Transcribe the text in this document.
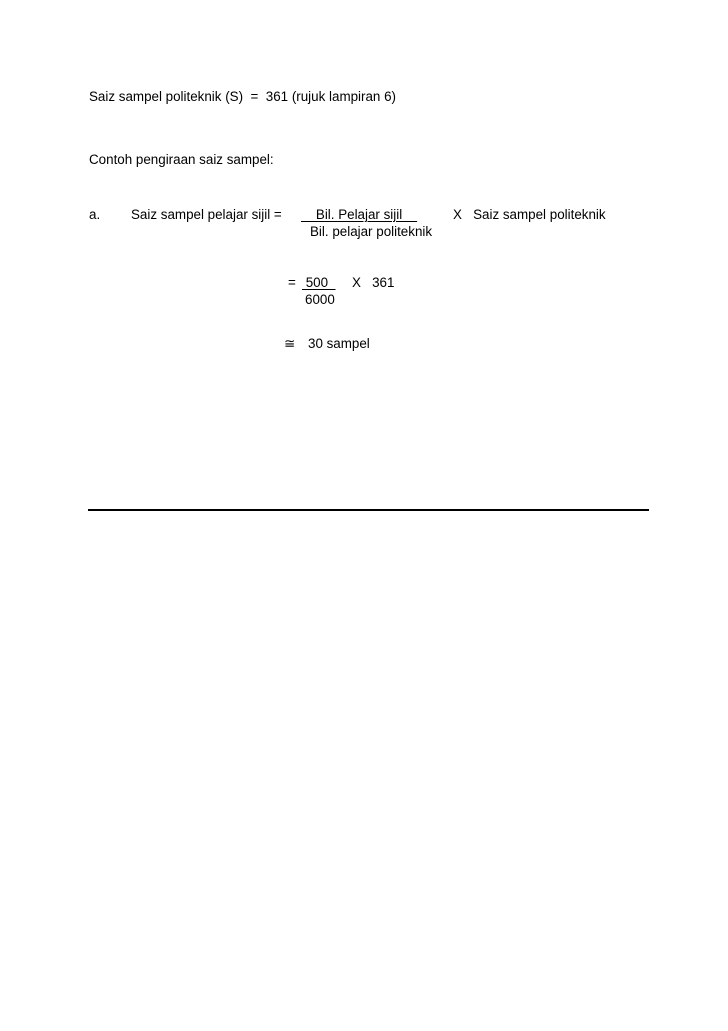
Saiz sampel politeknik (S)  =  361 (rujuk lampiran 6)
Contoh pengiraan saiz sampel:
a. Saiz sampel pelajar sijil = Bil. Pelajar sijil	X   Saiz sampel politeknik
Bil. pelajar politeknik
= 500 X   361
6000
≅ 30 sampel
